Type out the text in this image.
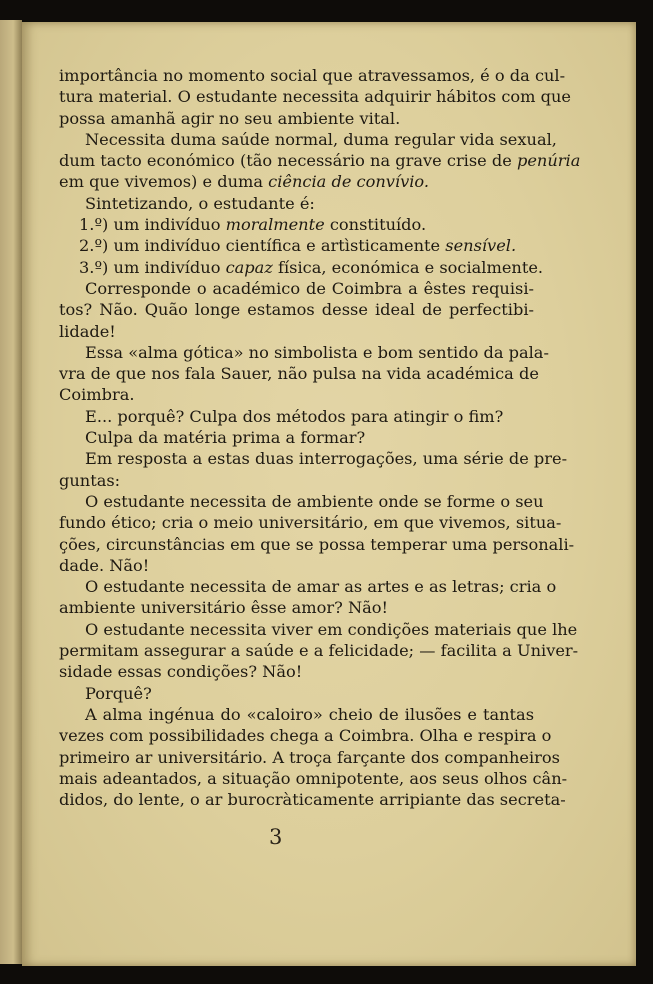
importância no momento social que atravessamos, é o da cul-
tura material. O estudante necessita adquirir hábitos com que
possa amanhã agir no seu ambiente vital.
Necessita duma saúde normal, duma regular vida sexual,
dum tacto económico (tão necessário na grave crise de penúria
em que vivemos) e duma ciência de convívio.
Sintetizando, o estudante é:
1.º) um indivíduo moralmente constituído.
2.º) um indivíduo científica e artìsticamente sensível.
3.º) um indivíduo capaz física, económica e socialmente.
Corresponde o académico de Coimbra a êstes requisi-
tos? Não. Quão longe estamos desse ideal de perfectibi-
lidade!
Essa «alma gótica» no simbolista e bom sentido da pala-
vra de que nos fala Sauer, não pulsa na vida académica de
Coimbra.
E... porquê? Culpa dos métodos para atingir o fim?
Culpa da matéria prima a formar?
Em resposta a estas duas interrogações, uma série de pre-
guntas:
O estudante necessita de ambiente onde se forme o seu
fundo ético; cria o meio universitário, em que vivemos, situa-
ções, circunstâncias em que se possa temperar uma personali-
dade. Não!
O estudante necessita de amar as artes e as letras; cria o
ambiente universitário êsse amor? Não!
O estudante necessita viver em condições materiais que lhe
permitam assegurar a saúde e a felicidade; — facilita a Univer-
sidade essas condições? Não!
Porquê?
A alma ingénua do «caloiro» cheio de ilusões e tantas
vezes com possibilidades chega a Coimbra. Olha e respira o
primeiro ar universitário. A troça farçante dos companheiros
mais adeantados, a situação omnipotente, aos seus olhos cân-
didos, do lente, o ar burocràticamente arripiante das secreta-
3
